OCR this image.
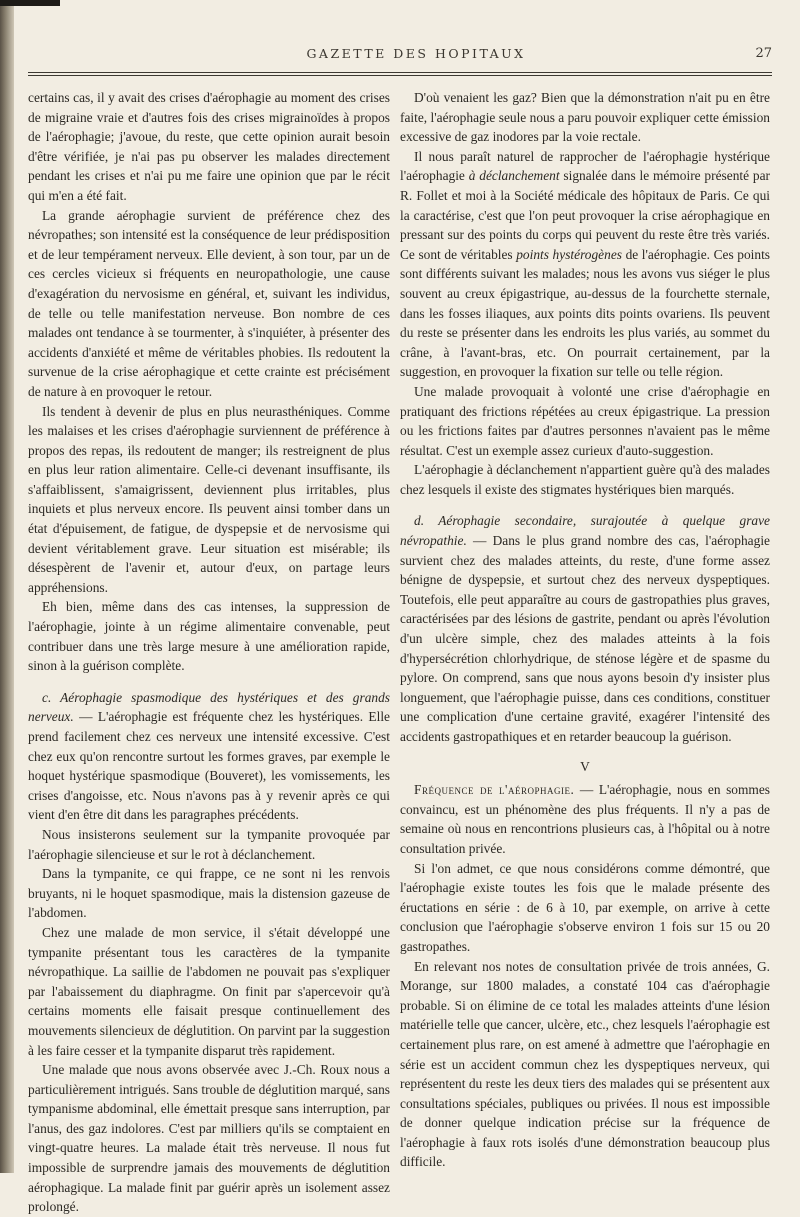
GAZETTE DES HOPITAUX	27

certains cas, il y avait des crises d'aérophagie au moment des crises de migraine vraie et d'autres fois des crises migrainoïdes à propos de l'aérophagie; j'avoue, du reste, que cette opinion aurait besoin d'être vérifiée, je n'ai pas pu observer les malades directement pendant les crises et n'ai pu me faire une opinion que par le récit qui m'en a été fait.

La grande aérophagie survient de préférence chez des névropathes; son intensité est la conséquence de leur prédisposition et de leur tempérament nerveux. Elle devient, à son tour, par un de ces cercles vicieux si fréquents en neuropathologie, une cause d'exagération du nervosisme en général, et, suivant les individus, de telle ou telle manifestation nerveuse. Bon nombre de ces malades ont tendance à se tourmenter, à s'inquiéter, à présenter des accidents d'anxiété et même de véritables phobies. Ils redoutent la survenue de la crise aérophagique et cette crainte est précisément de nature à en provoquer le retour.

Ils tendent à devenir de plus en plus neurasthéniques. Comme les malaises et les crises d'aérophagie surviennent de préférence à propos des repas, ils redoutent de manger; ils restreignent de plus en plus leur ration alimentaire. Celle-ci devenant insuffisante, ils s'affaiblissent, s'amaigrissent, deviennent plus irritables, plus inquiets et plus nerveux encore. Ils peuvent ainsi tomber dans un état d'épuisement, de fatigue, de dyspepsie et de nervosisme qui devient véritablement grave. Leur situation est misérable; ils désespèrent de l'avenir et, autour d'eux, on partage leurs appréhensions.

Eh bien, même dans des cas intenses, la suppression de l'aérophagie, jointe à un régime alimentaire convenable, peut contribuer dans une très large mesure à une amélioration rapide, sinon à la guérison complète.

c. Aérophagie spasmodique des hystériques et des grands nerveux. — L'aérophagie est fréquente chez les hystériques. Elle prend facilement chez ces nerveux une intensité excessive. C'est chez eux qu'on rencontre surtout les formes graves, par exemple le hoquet hystérique spasmodique (Bouveret), les vomissements, les crises d'angoisse, etc. Nous n'avons pas à y revenir après ce qui vient d'en être dit dans les paragraphes précédents.

Nous insisterons seulement sur la tympanite provoquée par l'aérophagie silencieuse et sur le rot à déclanchement.

Dans la tympanite, ce qui frappe, ce ne sont ni les renvois bruyants, ni le hoquet spasmodique, mais la distension gazeuse de l'abdomen.

Chez une malade de mon service, il s'était développé une tympanite présentant tous les caractères de la tympanite névropathique. La saillie de l'abdomen ne pouvait pas s'expliquer par l'abaissement du diaphragme. On finit par s'apercevoir qu'à certains moments elle faisait presque continuellement des mouvements silencieux de déglutition. On parvint par la suggestion à les faire cesser et la tympanite disparut très rapidement.

Une malade que nous avons observée avec J.-Ch. Roux nous a particulièrement intrigués. Sans trouble de déglutition marqué, sans tympanisme abdominal, elle émettait presque sans interruption, par l'anus, des gaz indolores. C'est par milliers qu'ils se comptaient en vingt-quatre heures. La malade était très nerveuse. Il nous fut impossible de surprendre jamais des mouvements de déglutition aérophagique. La malade finit par guérir après un isolement assez prolongé.

D'où venaient les gaz? Bien que la démonstration n'ait pu en être faite, l'aérophagie seule nous a paru pouvoir expliquer cette émission excessive de gaz inodores par la voie rectale.

Il nous paraît naturel de rapprocher de l'aérophagie hystérique l'aérophagie à déclanchement signalée dans le mémoire présenté par R. Follet et moi à la Société médicale des hôpitaux de Paris. Ce qui la caractérise, c'est que l'on peut provoquer la crise aérophagique en pressant sur des points du corps qui peuvent du reste être très variés. Ce sont de véritables points hystérogènes de l'aérophagie. Ces points sont différents suivant les malades; nous les avons vus siéger le plus souvent au creux épigastrique, au-dessus de la fourchette sternale, dans les fosses iliaques, aux points dits points ovariens. Ils peuvent du reste se présenter dans les endroits les plus variés, au sommet du crâne, à l'avant-bras, etc. On pourrait certainement, par la suggestion, en provoquer la fixation sur telle ou telle région.

Une malade provoquait à volonté une crise d'aérophagie en pratiquant des frictions répétées au creux épigastrique. La pression ou les frictions faites par d'autres personnes n'avaient pas le même résultat. C'est un exemple assez curieux d'auto-suggestion.

L'aérophagie à déclanchement n'appartient guère qu'à des malades chez lesquels il existe des stigmates hystériques bien marqués.

d. Aérophagie secondaire, surajoutée à quelque grave névropathie. — Dans le plus grand nombre des cas, l'aérophagie survient chez des malades atteints, du reste, d'une forme assez bénigne de dyspepsie, et surtout chez des nerveux dyspeptiques. Toutefois, elle peut apparaître au cours de gastropathies plus graves, caractérisées par des lésions de gastrite, pendant ou après l'évolution d'un ulcère simple, chez des malades atteints à la fois d'hypersécrétion chlorhydrique, de sténose légère et de spasme du pylore. On comprend, sans que nous ayons besoin d'y insister plus longuement, que l'aérophagie puisse, dans ces conditions, constituer une complication d'une certaine gravité, exagérer l'intensité des accidents gastropathiques et en retarder beaucoup la guérison.

V

Fréquence de l'aérophagie. — L'aérophagie, nous en sommes convaincu, est un phénomène des plus fréquents. Il n'y a pas de semaine où nous en rencontrions plusieurs cas, à l'hôpital ou à notre consultation privée.

Si l'on admet, ce que nous considérons comme démontré, que l'aérophagie existe toutes les fois que le malade présente des éructations en série : de 6 à 10, par exemple, on arrive à cette conclusion que l'aérophagie s'observe environ 1 fois sur 15 ou 20 gastropathes.

En relevant nos notes de consultation privée de trois années, G. Morange, sur 1800 malades, a constaté 104 cas d'aérophagie probable. Si on élimine de ce total les malades atteints d'une lésion matérielle telle que cancer, ulcère, etc., chez lesquels l'aérophagie est certainement plus rare, on est amené à admettre que l'aérophagie en série est un accident commun chez les dyspeptiques nerveux, qui représentent du reste les deux tiers des malades qui se présentent aux consultations spéciales, publiques ou privées. Il nous est impossible de donner quelque indication précise sur la fréquence de l'aérophagie à faux rots isolés d'une démonstration beaucoup plus difficile.
